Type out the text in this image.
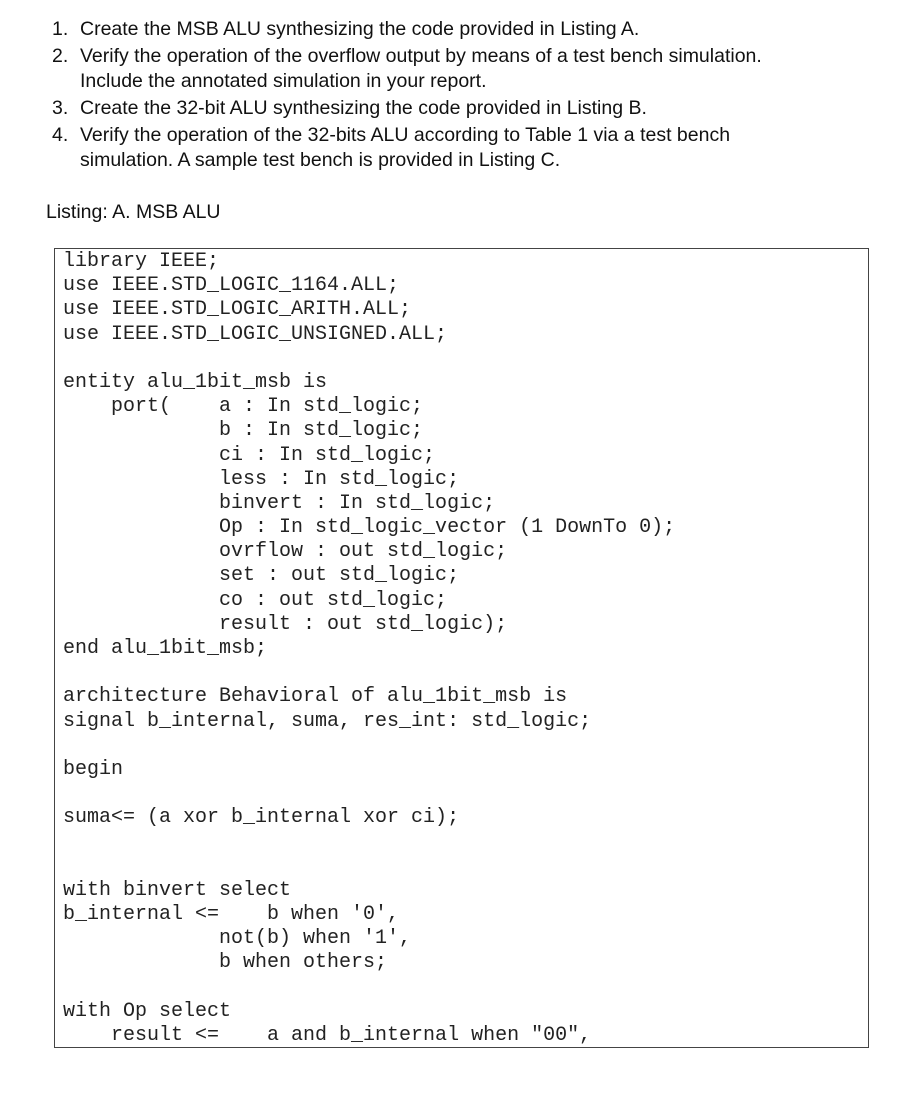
1. Create the MSB ALU synthesizing the code provided in Listing A.
2. Verify the operation of the overflow output by means of a test bench simulation.
Include the annotated simulation in your report.
3. Create the 32-bit ALU synthesizing the code provided in Listing B.
4. Verify the operation of the 32-bits ALU according to Table 1 via a test bench
simulation. A sample test bench is provided in Listing C.
Listing: A. MSB ALU
library IEEE;
use IEEE.STD_LOGIC_1164.ALL;
use IEEE.STD_LOGIC_ARITH.ALL;
use IEEE.STD_LOGIC_UNSIGNED.ALL;
entity alu_1bit_msb is
port(    a : In std_logic;
b : In std_logic;
ci : In std_logic;
less : In std_logic;
binvert : In std_logic;
Op : In std_logic_vector (1 DownTo 0);
ovrflow : out std_logic;
set : out std_logic;
co : out std_logic;
result : out std_logic);
end alu_1bit_msb;
architecture Behavioral of alu_1bit_msb is
signal b_internal, suma, res_int: std_logic;
begin
suma<= (a xor b_internal xor ci);
with binvert select
b_internal <=    b when '0',
not(b) when '1',
b when others;
with Op select
result <=    a and b_internal when "00",
